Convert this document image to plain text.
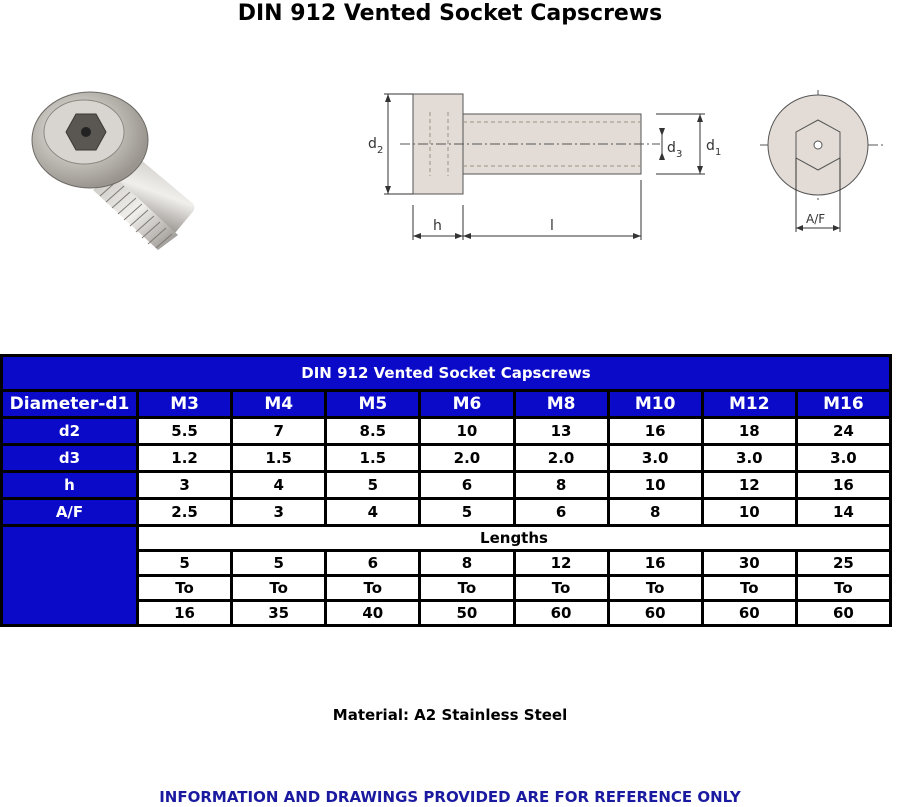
DIN 912 Vented Socket Capscrews
d 2	d 3
d 1
h	l	A/F
DIN 912 Vented Socket Capscrews								
Diameter-d1	M3	M4	M5	M6	M8	M10	M12	M16
d2	5.5	7	8.5	10	13	16	18	24
d3	1.2	1.5	1.5	2.0	2.0	3.0	3.0	3.0
h	3	4	5	6	8	10	12	16
A/F	2.5	3	4	5	6	8	10	14
	Lengths							
	5	5	6	8	12	16	30	25
	To	To	To	To	To	To	To	To
	16	35	40	50	60	60	60	60
Material: A2 Stainless Steel
INFORMATION AND DRAWINGS PROVIDED ARE FOR REFERENCE ONLY
